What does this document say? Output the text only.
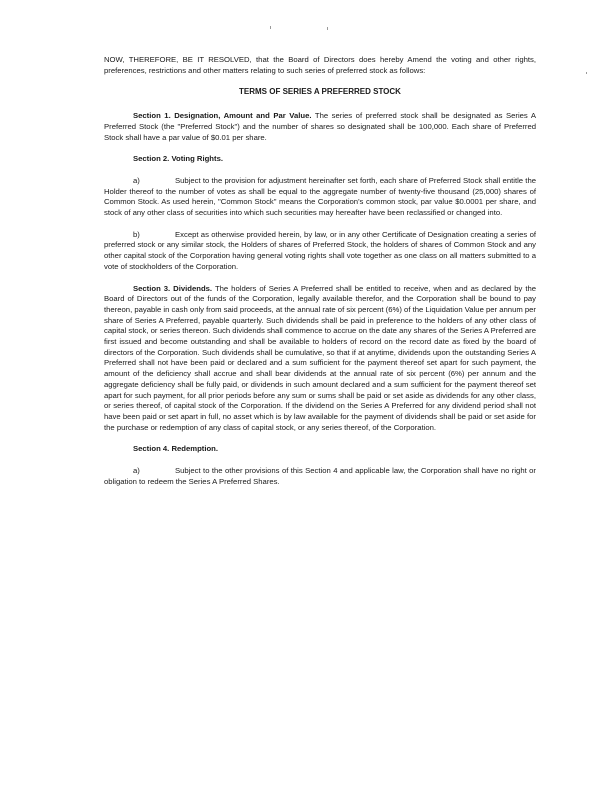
NOW, THEREFORE, BE IT RESOLVED, that the Board of Directors does hereby Amend the voting and other rights, preferences, restrictions and other matters relating to such series of preferred stock as follows:

TERMS OF SERIES A PREFERRED STOCK

Section 1. Designation, Amount and Par Value. The series of preferred stock shall be designated as Series A Preferred Stock (the "Preferred Stock") and the number of shares so designated shall be 100,000. Each share of Preferred Stock shall have a par value of $0.01 per share.

Section 2. Voting Rights.

a)	Subject to the provision for adjustment hereinafter set forth, each share of Preferred Stock shall entitle the Holder thereof to the number of votes as shall be equal to the aggregate number of twenty-five thousand (25,000) shares of Common Stock. As used herein, "Common Stock" means the Corporation's common stock, par value $0.0001 per share, and stock of any other class of securities into which such securities may hereafter have been reclassified or changed into.

b)	Except as otherwise provided herein, by law, or in any other Certificate of Designation creating a series of preferred stock or any similar stock, the Holders of shares of Preferred Stock, the holders of shares of Common Stock and any other capital stock of the Corporation having general voting rights shall vote together as one class on all matters submitted to a vote of stockholders of the Corporation.

Section 3. Dividends. The holders of Series A Preferred shall be entitled to receive, when and as declared by the Board of Directors out of the funds of the Corporation, legally available therefor, and the Corporation shall be bound to pay thereon, payable in cash only from said proceeds, at the annual rate of six percent (6%) of the Liquidation Value per annum per share of Series A Preferred, payable quarterly. Such dividends shall be paid in preference to the holders of any other class of capital stock, or series thereon. Such dividends shall commence to accrue on the date any shares of the Series A Preferred are first issued and become outstanding and shall be available to holders of record on the record date as fixed by the board of directors of the Corporation. Such dividends shall be cumulative, so that if at anytime, dividends upon the outstanding Series A Preferred shall not have been paid or declared and a sum sufficient for the payment thereof set apart for such payment, the amount of the deficiency shall accrue and shall bear dividends at the annual rate of six percent (6%) per annum and the aggregate deficiency shall be fully paid, or dividends in such amount declared and a sum sufficient for the payment thereof set apart for such payment, for all prior periods before any sum or sums shall be paid or set aside as dividends for any other class, or series thereof, of capital stock of the Corporation. If the dividend on the Series A Preferred for any dividend period shall not have been paid or set apart in full, no asset which is by law available for the payment of dividends shall be paid or set aside for the purchase or redemption of any class of capital stock, or any series thereof, of the Corporation.

Section 4. Redemption.

a)	Subject to the other provisions of this Section 4 and applicable law, the Corporation shall have no right or obligation to redeem the Series A Preferred Shares.
